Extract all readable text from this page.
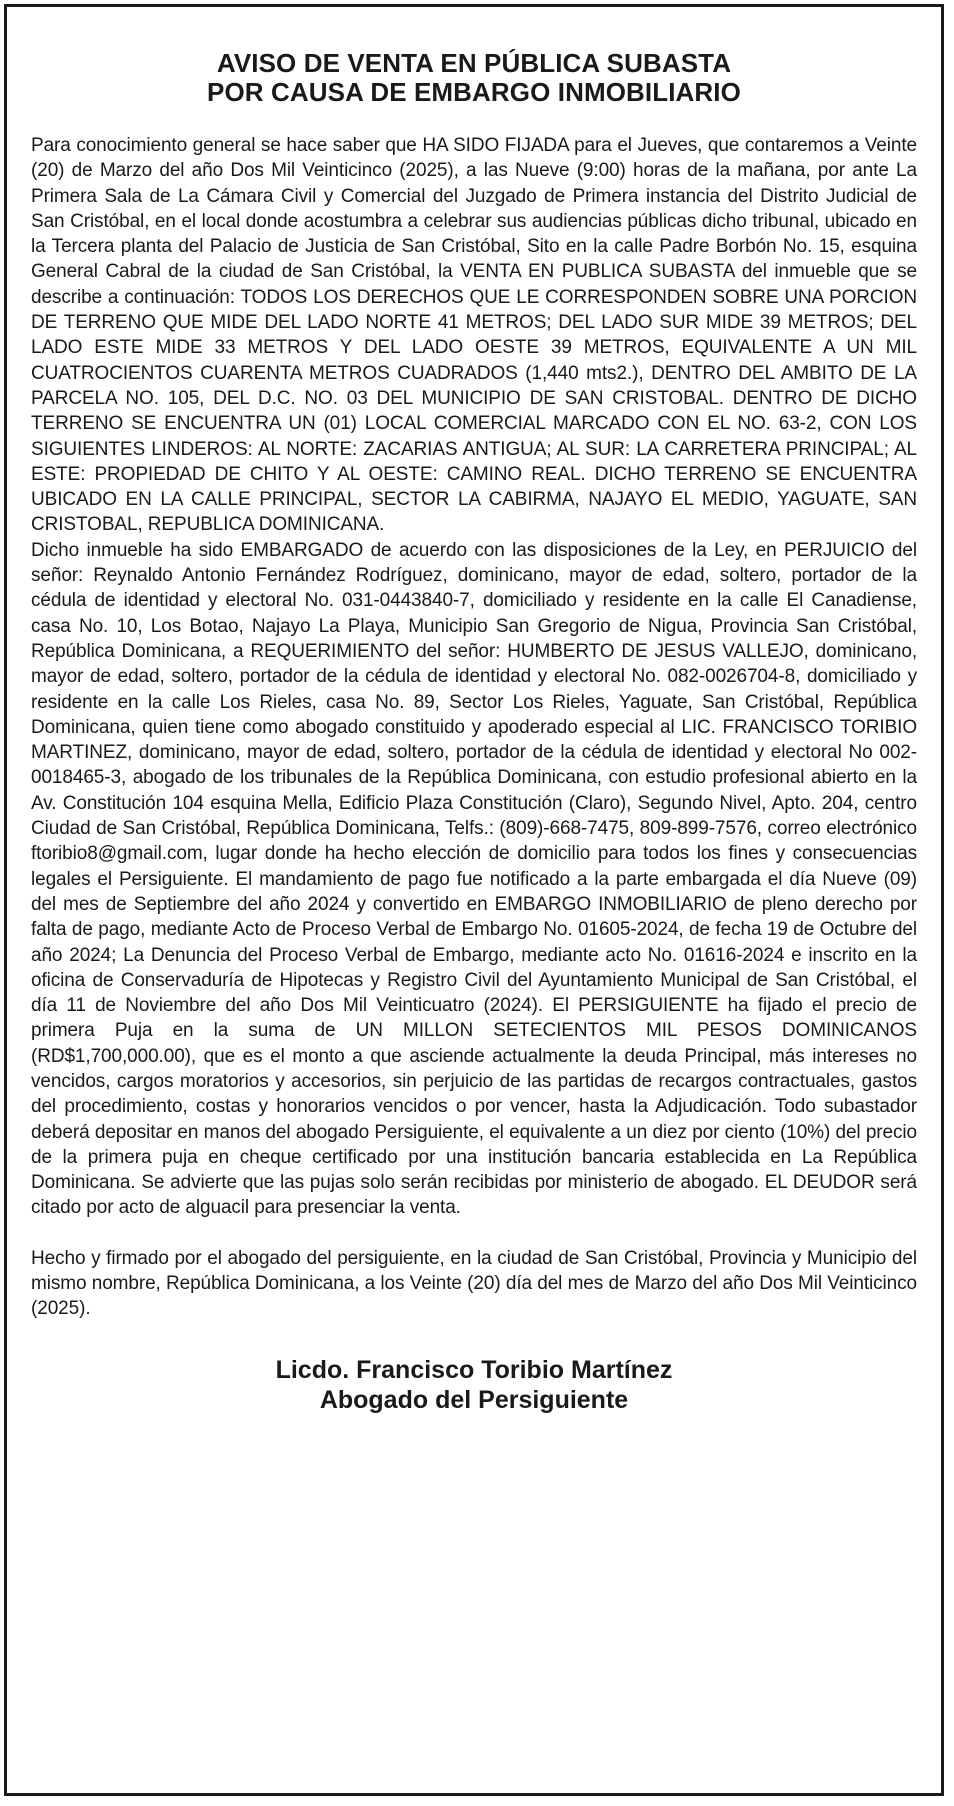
AVISO DE VENTA EN PÚBLICA SUBASTA
POR CAUSA DE EMBARGO INMOBILIARIO

Para conocimiento general se hace saber que HA SIDO FIJADA para el Jueves, que contaremos a Veinte (20) de Marzo del año Dos Mil Veinticinco (2025), a las Nueve (9:00) horas de la mañana, por ante La Primera Sala de La Cámara Civil y Comercial del Juzgado de Primera instancia del Distrito Judicial de San Cristóbal, en el local donde acostumbra a celebrar sus audiencias públicas dicho tribunal, ubicado en la Tercera planta del Palacio de Justicia de San Cristóbal, Sito en la calle Padre Borbón No. 15, esquina General Cabral de la ciudad de San Cristóbal, la VENTA EN PUBLICA SUBASTA del inmueble que se describe a continuación: TODOS LOS DERECHOS QUE LE CORRESPONDEN SOBRE UNA PORCION DE TERRENO QUE MIDE DEL LADO NORTE 41 METROS; DEL LADO SUR MIDE 39 METROS; DEL LADO ESTE MIDE 33 METROS Y DEL LADO OESTE 39 METROS, EQUIVALENTE A UN MIL CUATROCIENTOS CUARENTA METROS CUADRADOS (1,440 mts2.), DENTRO DEL AMBITO DE LA PARCELA NO. 105, DEL D.C. NO. 03 DEL MUNICIPIO DE SAN CRISTOBAL. DENTRO DE DICHO TERRENO SE ENCUENTRA UN (01) LOCAL COMERCIAL MARCADO CON EL NO. 63-2, CON LOS SIGUIENTES LINDEROS: AL NORTE: ZACARIAS ANTIGUA; AL SUR: LA CARRETERA PRINCIPAL; AL ESTE: PROPIEDAD DE CHITO Y AL OESTE: CAMINO REAL. DICHO TERRENO SE ENCUENTRA UBICADO EN LA CALLE PRINCIPAL, SECTOR LA CABIRMA, NAJAYO EL MEDIO, YAGUATE, SAN CRISTOBAL, REPUBLICA DOMINICANA.

Dicho inmueble ha sido EMBARGADO de acuerdo con las disposiciones de la Ley, en PERJUICIO del señor: Reynaldo Antonio Fernández Rodríguez, dominicano, mayor de edad, soltero, portador de la cédula de identidad y electoral No. 031-0443840-7, domiciliado y residente en la calle El Canadiense, casa No. 10, Los Botao, Najayo La Playa, Municipio San Gregorio de Nigua, Provincia San Cristóbal, República Dominicana, a REQUERIMIENTO del señor: HUMBERTO DE JESUS VALLEJO, dominicano, mayor de edad, soltero, portador de la cédula de identidad y electoral No. 082-0026704-8, domiciliado y residente en la calle Los Rieles, casa No. 89, Sector Los Rieles, Yaguate, San Cristóbal, República Dominicana, quien tiene como abogado constituido y apoderado especial al LIC. FRANCISCO TORIBIO MARTINEZ, dominicano, mayor de edad, soltero, portador de la cédula de identidad y electoral No 002-0018465-3, abogado de los tribunales de la República Dominicana, con estudio profesional abierto en la Av. Constitución 104 esquina Mella, Edificio Plaza Constitución (Claro), Segundo Nivel, Apto. 204, centro Ciudad de San Cristóbal, República Dominicana, Telfs.: (809)-668-7475, 809-899-7576, correo electrónico ftoribio8@gmail.com, lugar donde ha hecho elección de domicilio para todos los fines y consecuencias legales el Persiguiente. El mandamiento de pago fue notificado a la parte embargada el día Nueve (09) del mes de Septiembre del año 2024 y convertido en EMBARGO INMOBILIARIO de pleno derecho por falta de pago, mediante Acto de Proceso Verbal de Embargo No. 01605-2024, de fecha 19 de Octubre del año 2024; La Denuncia del Proceso Verbal de Embargo, mediante acto No. 01616-2024 e inscrito en la oficina de Conservaduría de Hipotecas y Registro Civil del Ayuntamiento Municipal de San Cristóbal, el día 11 de Noviembre del año Dos Mil Veinticuatro (2024). El PERSIGUIENTE ha fijado el precio de primera Puja en la suma de UN MILLON SETECIENTOS MIL PESOS DOMINICANOS (RD$1,700,000.00), que es el monto a que asciende actualmente la deuda Principal, más intereses no vencidos, cargos moratorios y accesorios, sin perjuicio de las partidas de recargos contractuales, gastos del procedimiento, costas y honorarios vencidos o por vencer, hasta la Adjudicación. Todo subastador deberá depositar en manos del abogado Persiguiente, el equivalente a un diez por ciento (10%) del precio de la primera puja en cheque certificado por una institución bancaria establecida en La República Dominicana. Se advierte que las pujas solo serán recibidas por ministerio de abogado. EL DEUDOR será citado por acto de alguacil para presenciar la venta.

Hecho y firmado por el abogado del persiguiente, en la ciudad de San Cristóbal, Provincia y Municipio del mismo nombre, República Dominicana, a los Veinte (20) día del mes de Marzo del año Dos Mil Veinticinco (2025).

Licdo. Francisco Toribio Martínez
Abogado del Persiguiente
